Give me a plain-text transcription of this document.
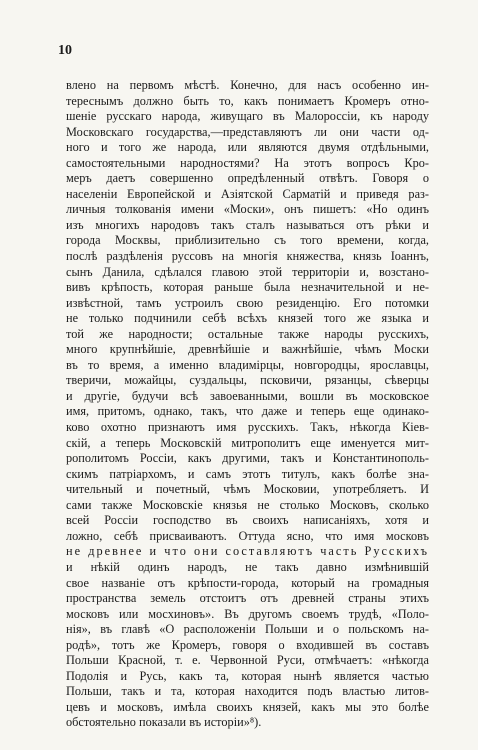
10
влено на первомъ мѣстѣ. Конечно, для насъ особенно ин-
тереснымъ должно быть то, какъ понимаетъ Кромеръ отно-
шеніе русскаго народа, живущаго въ Малороссіи, къ народу
Московскаго государства,—представляютъ ли они части од-
ного и того же народа, или являются двумя отдѣльными,
самостоятельными народностями? На этотъ вопросъ Кро-
меръ даетъ совершенно опредѣленный отвѣтъ. Говоря о
населеніи Европейской и Азіятской Сарматій и приведя раз-
личныя толкованія имени «Моски», онъ пишетъ: «Но одинъ
изъ многихъ народовъ такъ сталъ называться отъ рѣки и
города Москвы, приблизительно съ того времени, когда,
послѣ раздѣленія руссовъ на многія княжества, князь Іоаннъ,
сынъ Данила, сдѣлался главою этой территоріи и, возстано-
вивъ крѣпость, которая раньше была незначительной и не-
извѣстной, тамъ устроилъ свою резиденцію. Его потомки
не только подчинили себѣ всѣхъ князей того же языка и
той же народности; остальные также народы русскихъ,
много крупнѣйшіе, древнѣйшіе и важнѣйшіе, чѣмъ Моски
въ то время, а именно владимірцы, новгородцы, ярославцы,
тверичи, можайцы, суздальцы, псковичи, рязанцы, сѣверцы
и другіе, будучи всѣ завоеванными, вошли въ московское
имя, притомъ, однако, такъ, что даже и теперь еще одинако-
ково охотно признаютъ имя русскихъ. Такъ, нѣкогда Кіев-
скій, а теперь Московскій митрополитъ еще именуется мит-
рополитомъ Россіи, какъ другими, такъ и Константинополь-
скимъ патріархомъ, и самъ этотъ титулъ, какъ болѣе зна-
чительный и почетный, чѣмъ Московии, употребляетъ. И
сами также Московскіе князья не столько Московъ, сколько
всей Россіи господство въ своихъ написаніяхъ, хотя и
ложно, себѣ присваиваютъ. Оттуда ясно, что имя московъ
не древнее и что они составляютъ часть Русскихъ
и нѣкій одинъ народъ, не такъ давно измѣнившій
свое названіе отъ крѣпости-города, который на громадныя
пространства земель отстоитъ отъ древней страны этихъ
московъ или мосхиновъ». Въ другомъ своемъ трудѣ, «Поло-
нія», въ главѣ «О расположеніи Польши и о польскомъ на-
родѣ», тотъ же Кромеръ, говоря о входившей въ составъ
Польши Красной, т. е. Червонной Руси, отмѣчаетъ: «нѣкогда
Подолія и Русь, какъ та, которая нынѣ является частью
Польши, такъ и та, которая находится подъ властью литов-
цевъ и московъ, имѣла своихъ князей, какъ мы это болѣе
обстоятельно показали въ исторіи»⁸).
